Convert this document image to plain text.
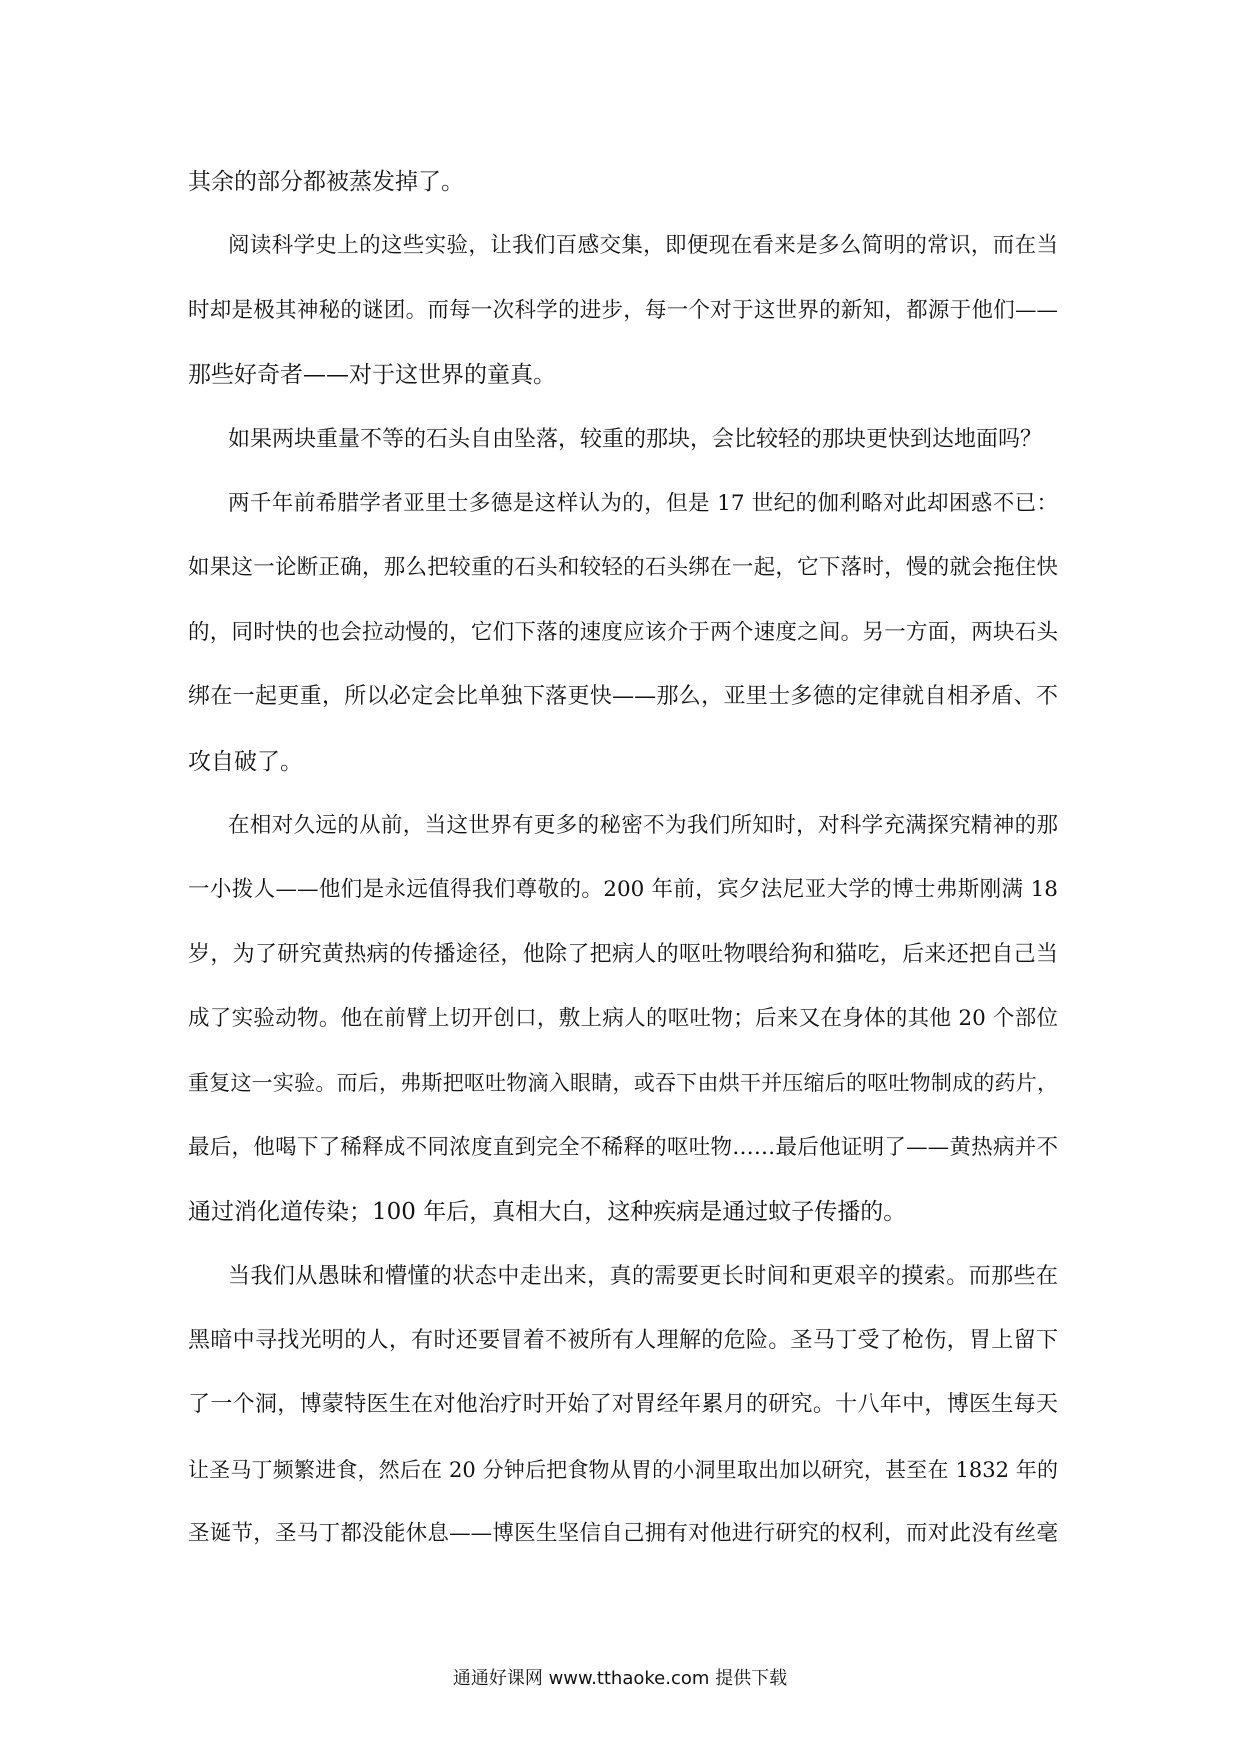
其余的部分都被蒸发掉了。
阅读科学史上的这些实验，让我们百感交集，即便现在看来是多么简明的常识，而在当
时却是极其神秘的谜团。而每一次科学的进步，每一个对于这世界的新知，都源于他们——
那些好奇者——对于这世界的童真。
如果两块重量不等的石头自由坠落，较重的那块，会比较轻的那块更快到达地面吗？
两千年前希腊学者亚里士多德是这样认为的，但是 17 世纪的伽利略对此却困惑不已：
如果这一论断正确，那么把较重的石头和较轻的石头绑在一起，它下落时，慢的就会拖住快
的，同时快的也会拉动慢的，它们下落的速度应该介于两个速度之间。另一方面，两块石头
绑在一起更重，所以必定会比单独下落更快——那么，亚里士多德的定律就自相矛盾、不
攻自破了。
在相对久远的从前，当这世界有更多的秘密不为我们所知时，对科学充满探究精神的那
一小拨人——他们是永远值得我们尊敬的。200 年前，宾夕法尼亚大学的博士弗斯刚满 18
岁，为了研究黄热病的传播途径，他除了把病人的呕吐物喂给狗和猫吃，后来还把自己当
成了实验动物。他在前臂上切开创口，敷上病人的呕吐物；后来又在身体的其他 20 个部位
重复这一实验。而后，弗斯把呕吐物滴入眼睛，或吞下由烘干并压缩后的呕吐物制成的药片，
最后，他喝下了稀释成不同浓度直到完全不稀释的呕吐物……最后他证明了——黄热病并不
通过消化道传染；100 年后，真相大白，这种疾病是通过蚊子传播的。
当我们从愚昧和懵懂的状态中走出来，真的需要更长时间和更艰辛的摸索。而那些在
黑暗中寻找光明的人，有时还要冒着不被所有人理解的危险。圣马丁受了枪伤，胃上留下
了一个洞，博蒙特医生在对他治疗时开始了对胃经年累月的研究。十八年中，博医生每天
让圣马丁频繁进食，然后在 20 分钟后把食物从胃的小洞里取出加以研究，甚至在 1832 年的
圣诞节，圣马丁都没能休息——博医生坚信自己拥有对他进行研究的权利，而对此没有丝毫
通通好课网 www.tthaoke.com 提供下载
